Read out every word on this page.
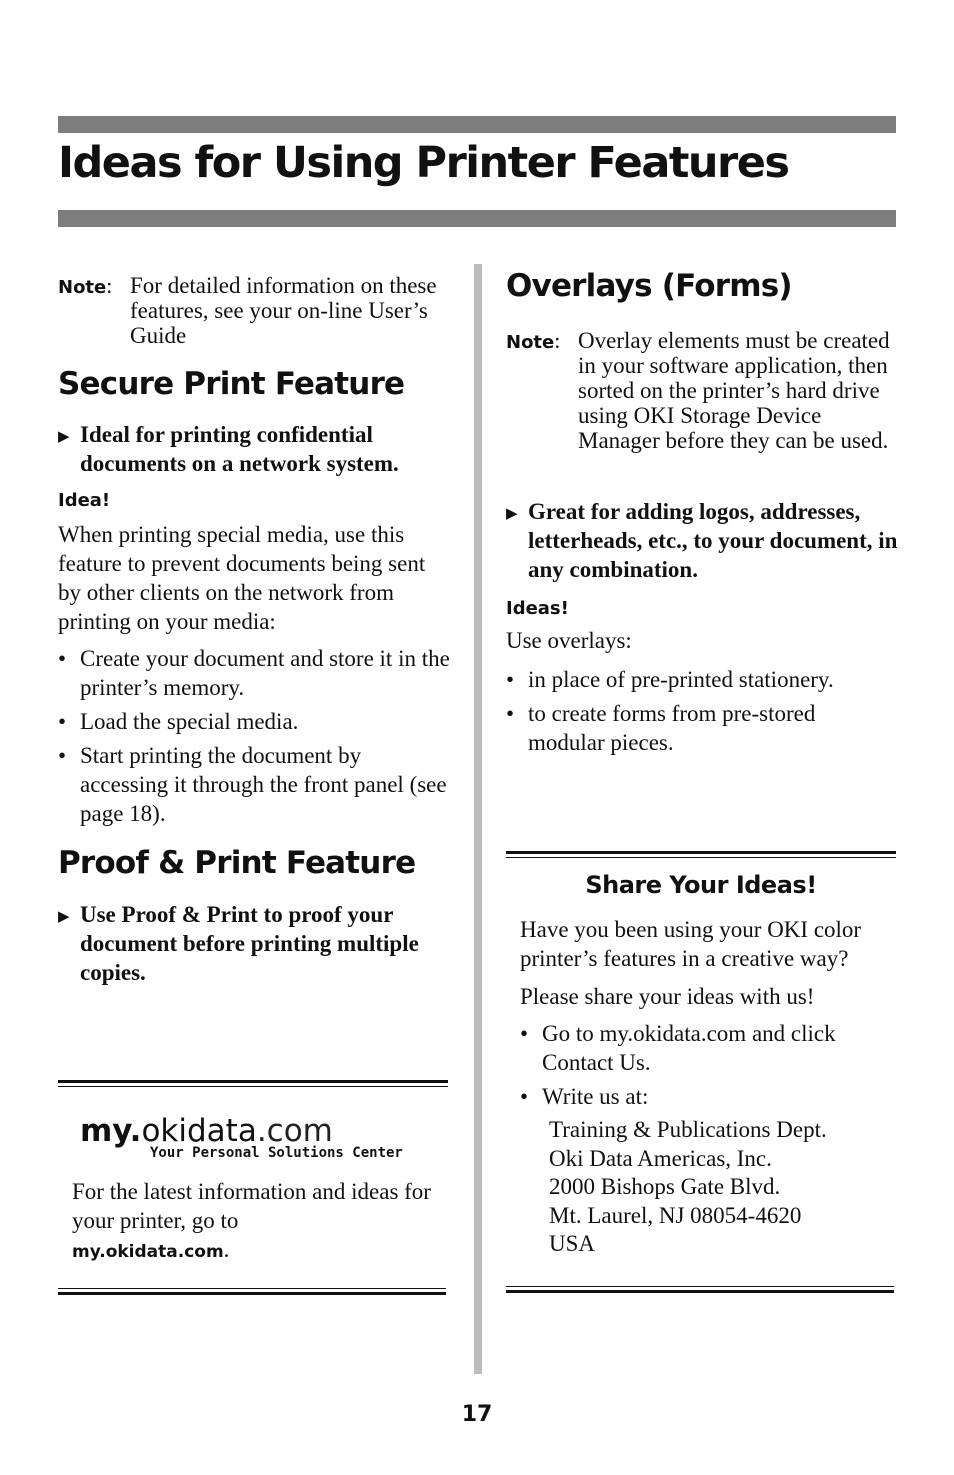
Ideas for Using Printer Features
Note: For detailed information on these features, see your on-line User’s Guide
Secure Print Feature
▶ Ideal for printing confidential documents on a network system.
Idea!

When printing special media, use this feature to prevent documents being sent by other clients on the network from printing on your media:

• Create your document and store it in the printer’s memory.
• Load the special media.
• Start printing the document by accessing it through the front panel (see page 18).
Proof & Print Feature
▶ Use Proof & Print to proof your document before printing multiple copies.
my.okidata.com
Your Personal Solutions Center

For the latest information and ideas for your printer, go to
my.okidata.com.

Overlays (Forms)
Note: Overlay elements must be created in your software application, then sorted on the printer’s hard drive using OKI Storage Device Manager before they can be used.
▶ Great for adding logos, addresses, letterheads, etc., to your document, in any combination.
Ideas!

Use overlays:

• in place of pre-printed stationery.
• to create forms from pre-stored modular pieces.
Share Your Ideas!

Have you been using your OKI color printer’s features in a creative way?

Please share your ideas with us!

• Go to my.okidata.com and click Contact Us.
• Write us at:
Training & Publications Dept.
Oki Data Americas, Inc.
2000 Bishops Gate Blvd.
Mt. Laurel, NJ 08054-4620
USA
17
